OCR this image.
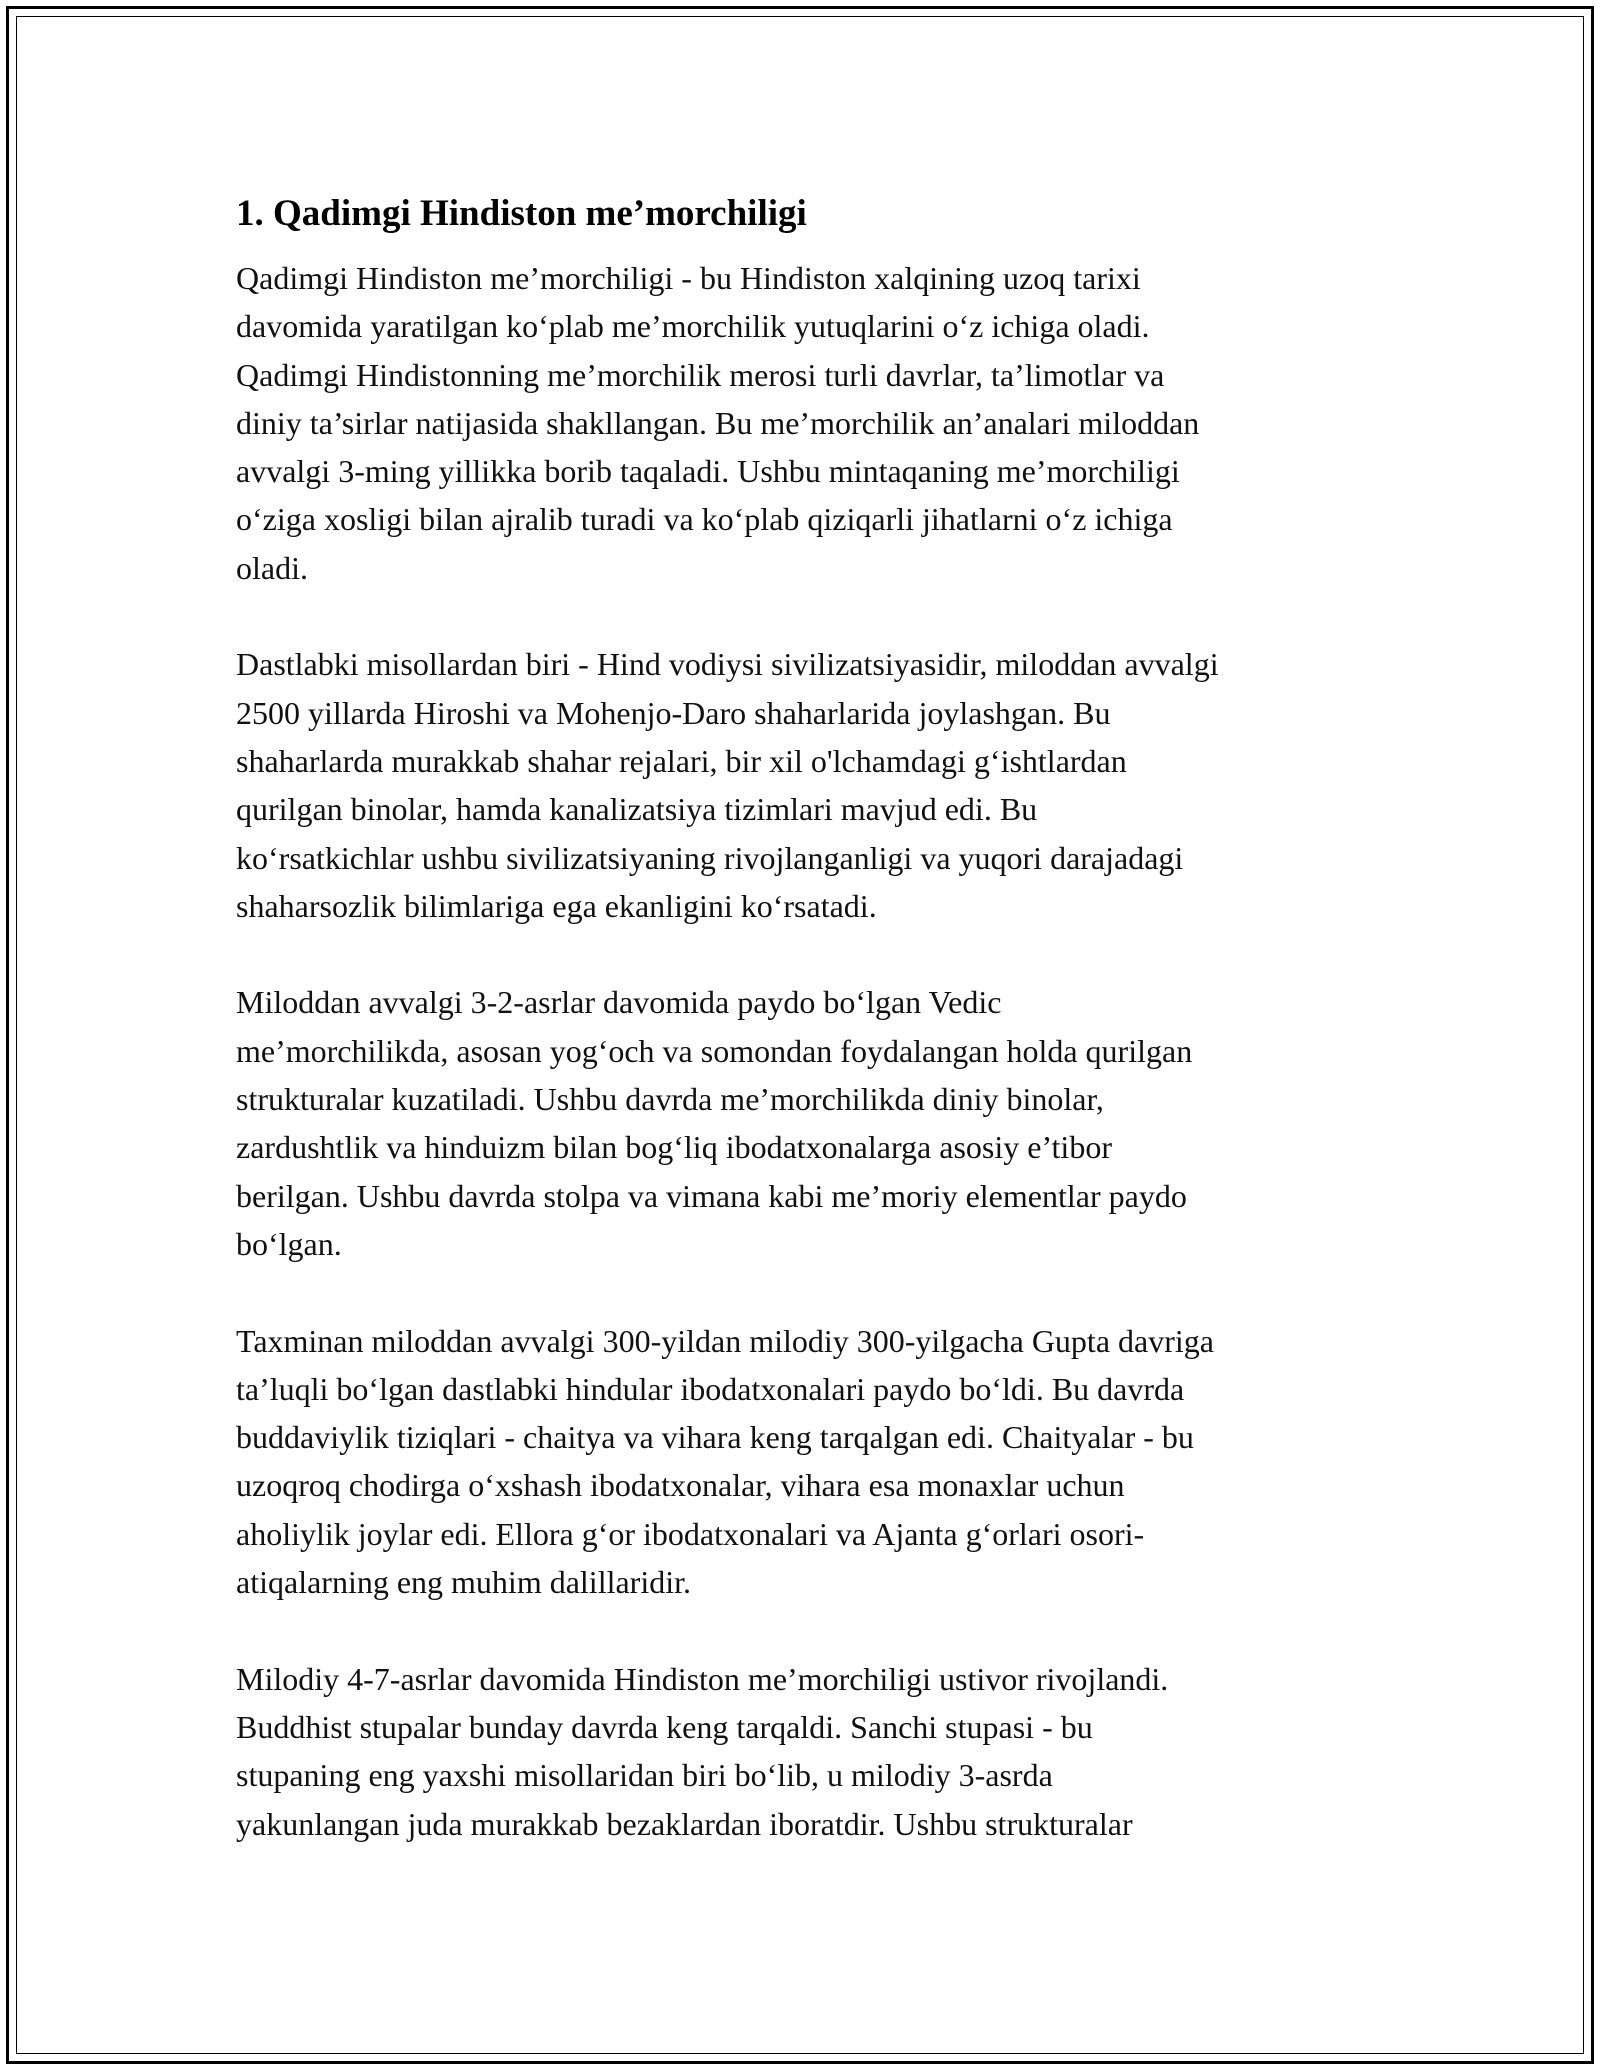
1. Qadimgi Hindiston me’morchiligi
Qadimgi Hindiston me’morchiligi - bu Hindiston xalqining uzoq tarixi
davomida yaratilgan koʻplab me’morchilik yutuqlarini oʻz ichiga oladi.
Qadimgi Hindistonning me’morchilik merosi turli davrlar, ta’limotlar va
diniy ta’sirlar natijasida shakllangan. Bu me’morchilik an’analari miloddan
avvalgi 3-ming yillikka borib taqaladi. Ushbu mintaqaning me’morchiligi
oʻziga xosligi bilan ajralib turadi va koʻplab qiziqarli jihatlarni oʻz ichiga
oladi.
Dastlabki misollardan biri - Hind vodiysi sivilizatsiyasidir, miloddan avvalgi
2500 yillarda Hiroshi va Mohenjo-Daro shaharlarida joylashgan. Bu
shaharlarda murakkab shahar rejalari, bir xil o'lchamdagi gʻishtlardan
qurilgan binolar, hamda kanalizatsiya tizimlari mavjud edi. Bu
koʻrsatkichlar ushbu sivilizatsiyaning rivojlanganligi va yuqori darajadagi
shaharsozlik bilimlariga ega ekanligini koʻrsatadi.
Miloddan avvalgi 3-2-asrlar davomida paydo boʻlgan Vedic
me’morchilikda, asosan yogʻoch va somondan foydalangan holda qurilgan
strukturalar kuzatiladi. Ushbu davrda me’morchilikda diniy binolar,
zardushtlik va hinduizm bilan bogʻliq ibodatxonalarga asosiy e’tibor
berilgan. Ushbu davrda stolpa va vimana kabi me’moriy elementlar paydo
boʻlgan.
Taxminan miloddan avvalgi 300-yildan milodiy 300-yilgacha Gupta davriga
ta’luqli boʻlgan dastlabki hindular ibodatxonalari paydo boʻldi. Bu davrda
buddaviylik tiziqlari - chaitya va vihara keng tarqalgan edi. Chaityalar - bu
uzoqroq chodirga oʻxshash ibodatxonalar, vihara esa monaxlar uchun
aholiylik joylar edi. Ellora gʻor ibodatxonalari va Ajanta gʻorlari osori-
atiqalarning eng muhim dalillaridir.
Milodiy 4-7-asrlar davomida Hindiston me’morchiligi ustivor rivojlandi.
Buddhist stupalar bunday davrda keng tarqaldi. Sanchi stupasi - bu
stupaning eng yaxshi misollaridan biri boʻlib, u milodiy 3-asrda
yakunlangan juda murakkab bezaklardan iboratdir. Ushbu strukturalar
